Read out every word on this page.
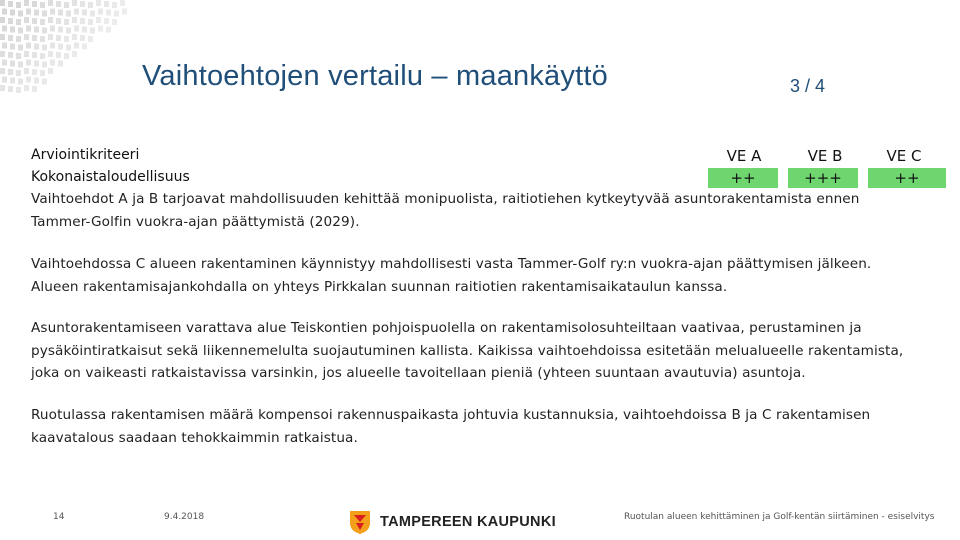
Vaihtoehtojen vertailu – maankäyttö	3 / 4
Arviointikriteeri	VE A	VE B	VE C
Kokonaistaloudellisuus	++	+++	++
Vaihtoehdot A ja B tarjoavat mahdollisuuden kehittää monipuolista, raitiotiehen kytkeytyvää asuntorakentamista ennen
Tammer-Golfin vuokra-ajan päättymistä (2029).
Vaihtoehdossa C alueen rakentaminen käynnistyy mahdollisesti vasta Tammer-Golf ry:n vuokra-ajan päättymisen jälkeen.
Alueen rakentamisajankohdalla on yhteys Pirkkalan suunnan raitiotien rakentamisaikataulun kanssa.
Asuntorakentamiseen varattava alue Teiskontien pohjoispuolella on rakentamisolosuhteiltaan vaativaa, perustaminen ja
pysäköintiratkaisut sekä liikennemelulta suojautuminen kallista. Kaikissa vaihtoehdoissa esitetään melualueelle rakentamista,
joka on vaikeasti ratkaistavissa varsinkin, jos alueelle tavoitellaan pieniä (yhteen suuntaan avautuvia) asuntoja.
Ruotulassa rakentamisen määrä kompensoi rakennuspaikasta johtuvia kustannuksia, vaihtoehdoissa B ja C rakentamisen
kaavatalous saadaan tehokkaimmin ratkaistua.
14	9.4.2018	TAMPEREEN KAUPUNKI	Ruotulan alueen kehittäminen ja Golf-kentän siirtäminen - esiselvitys
